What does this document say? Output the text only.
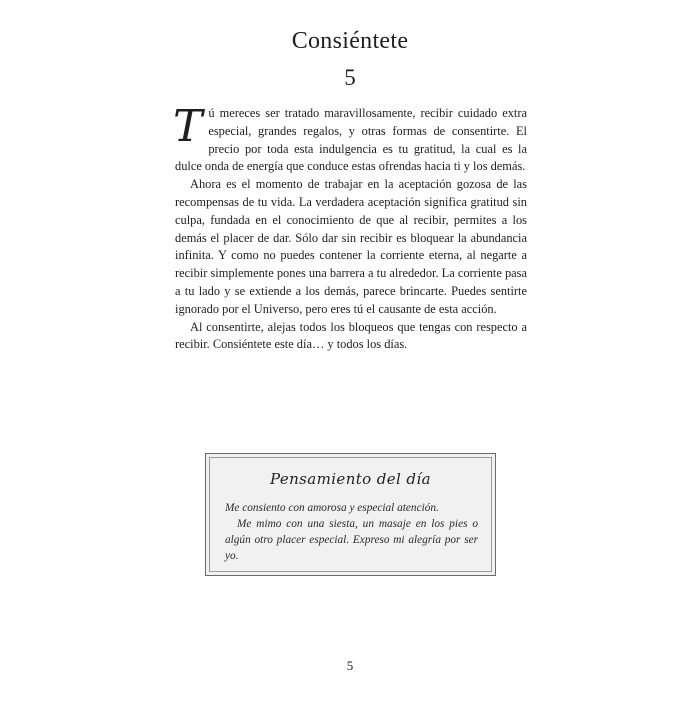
Consiéntete
5

Tú mereces ser tratado maravillosamente, recibir cuidado extra especial, grandes regalos, y otras formas de consentirte. El precio por toda esta indulgencia es tu gratitud, la cual es la dulce onda de energía que conduce estas ofrendas hacia ti y los demás.

Ahora es el momento de trabajar en la aceptación gozosa de las recompensas de tu vida. La verdadera aceptación significa gratitud sin culpa, fundada en el conocimiento de que al recibir, permites a los demás el placer de dar. Sólo dar sin recibir es bloquear la abundancia infinita. Y como no puedes contener la corriente eterna, al negarte a recibir simplemente pones una barrera a tu alrededor. La corriente pasa a tu lado y se extiende a los demás, parece brincarte. Puedes sentirte ignorado por el Universo, pero eres tú el causante de esta acción.

Al consentirte, alejas todos los bloqueos que tengas con respecto a recibir. Consiéntete este día… y todos los días.

Pensamiento del día

Me consiento con amorosa y especial atención.

Me mimo con una siesta, un masaje en los pies o algún otro placer especial. Expreso mi alegría por ser yo.

5
